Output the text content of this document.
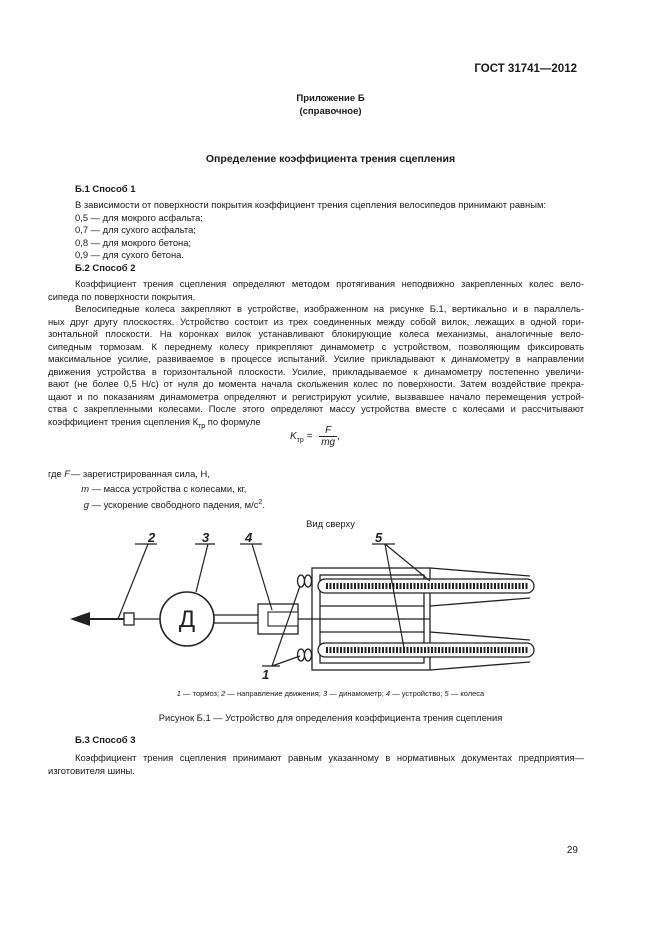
ГОСТ 31741—2012
Приложение Б
(справочное)
Определение коэффициента трения сцепления
Б.1 Способ 1
В зависимости от поверхности покрытия коэффициент трения сцепления велосипедов принимают равным:
0,5 — для мокрого асфальта;
0,7 — для сухого асфальта;
0,8 — для мокрого бетона;
0,9 — для сухого бетона.
Б.2 Способ 2
Коэффициент трения сцепления определяют методом протягивания неподвижно закрепленных колес вело-
сипеда по поверхности покрытия.
Велосипедные колеса закрепляют в устройстве, изображенном на рисунке Б.1, вертикально и в параллель-
ных друг другу плоскостях. Устройство состоит из трех соединенных между собой вилок, лежащих в одной гори-
зонтальной плоскости. На коронках вилок устанавливают блокирующие колеса механизмы, аналогичные вело-
сипедным тормозам. К переднему колесу прикрепляют динамометр с устройством, позволяющим фиксировать
максимальное усилие, развиваемое в процессе испытаний. Усилие прикладывают к динамометру в направлении
движения устройства в горизонтальной плоскости. Усилие, прикладываемое к динамометру постепенно увеличи-
вают (не более 0,5 Н/с) от нуля до момента начала скольжения колес по поверхности. Затем воздействие прекра-
щают и по показаниям динамометра определяют и регистрируют усилие, вызвавшее начало перемещения устрой-
ства с закрепленными колесами. После этого определяют массу устройства вместе с колесами и рассчитывают
коэффициент трения сцепления $К_{тр}$ по формуле
$K_{тр} = \frac{F}{mg}$ ,
где F — зарегистрированная сила, Н,
m — масса устройства с колесами, кг,
g — ускорение свободного падения, $м/с^2$.
Вид сверху
Д
2	3	4	5
1
1 — тормоз; 2 — направление движения; 3 — динамометр; 4 — устройство; 5 — колеса
Рисунок Б.1 — Устройство для определения коэффициента трения сцепления
Б.3 Способ 3
Коэффициент трения сцепления принимают равным указанному в нормативных документах предприятия—
изготовителя шины.
29
